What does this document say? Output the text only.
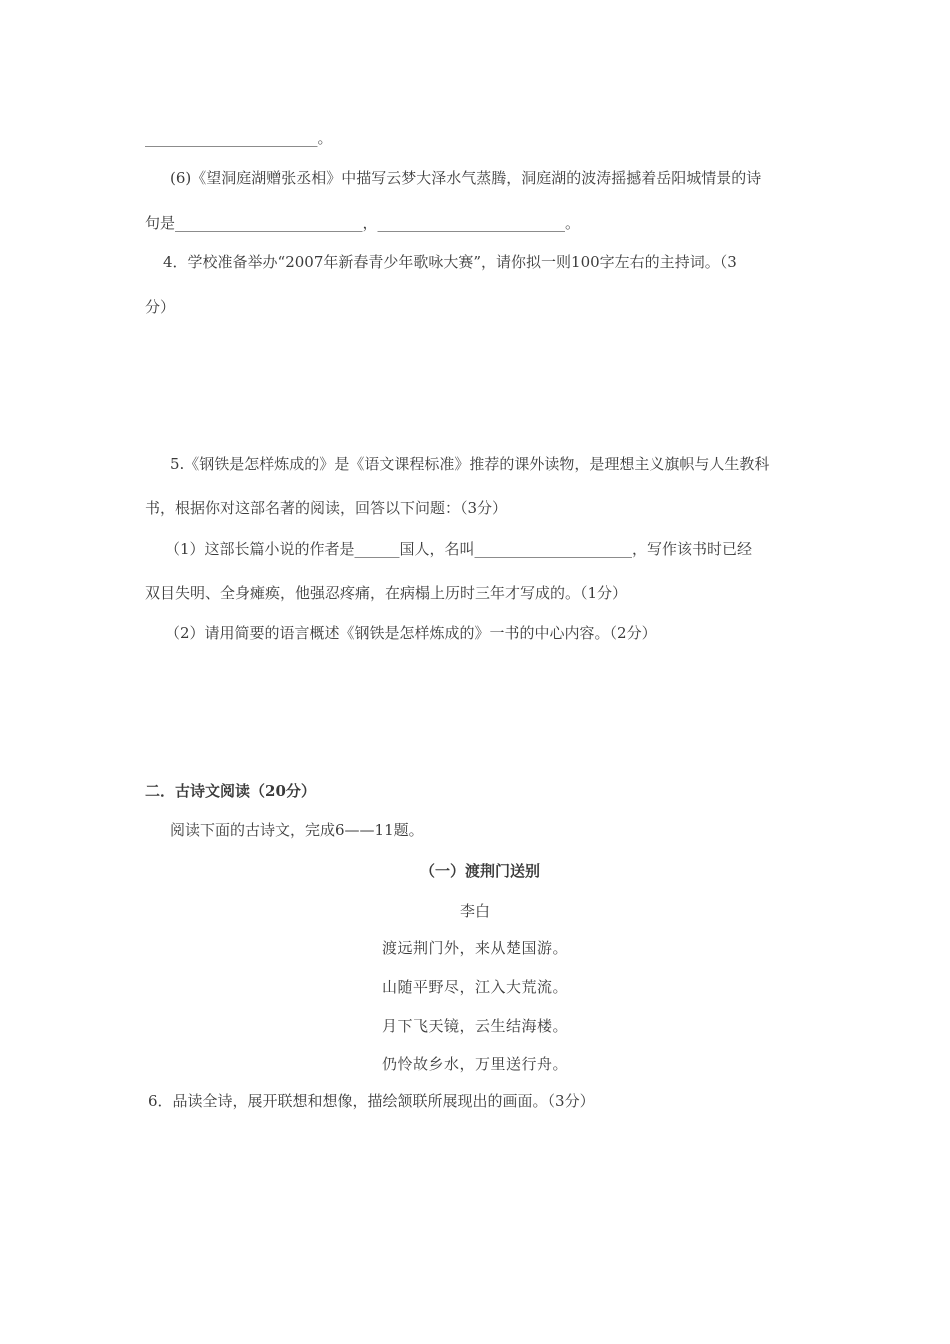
_______________________。
(6)《望洞庭湖赠张丞相》中描写云梦大泽水气蒸腾，洞庭湖的波涛摇撼着岳阳城情景的诗
句是_________________________，_________________________。
4．学校准备举办“2007年新春青少年歌咏大赛”，请你拟一则100字左右的主持词。（3
分）
5.《钢铁是怎样炼成的》是《语文课程标准》推荐的课外读物，是理想主义旗帜与人生教科
书，根据你对这部名著的阅读，回答以下问题：（3分）
（1）这部长篇小说的作者是______国人，名叫_____________________，写作该书时已经
双目失明、全身瘫痪，他强忍疼痛，在病榻上历时三年才写成的。（1分）
（2）请用简要的语言概述《钢铁是怎样炼成的》一书的中心内容。（2分）
二．古诗文阅读（20分）
阅读下面的古诗文，完成6——11题。
（一）渡荆门送别
李白
渡远荆门外，来从楚国游。
山随平野尽，江入大荒流。
月下飞天镜，云生结海楼。
仍怜故乡水，万里送行舟。
6．品读全诗，展开联想和想像，描绘颔联所展现出的画面。（3分）
